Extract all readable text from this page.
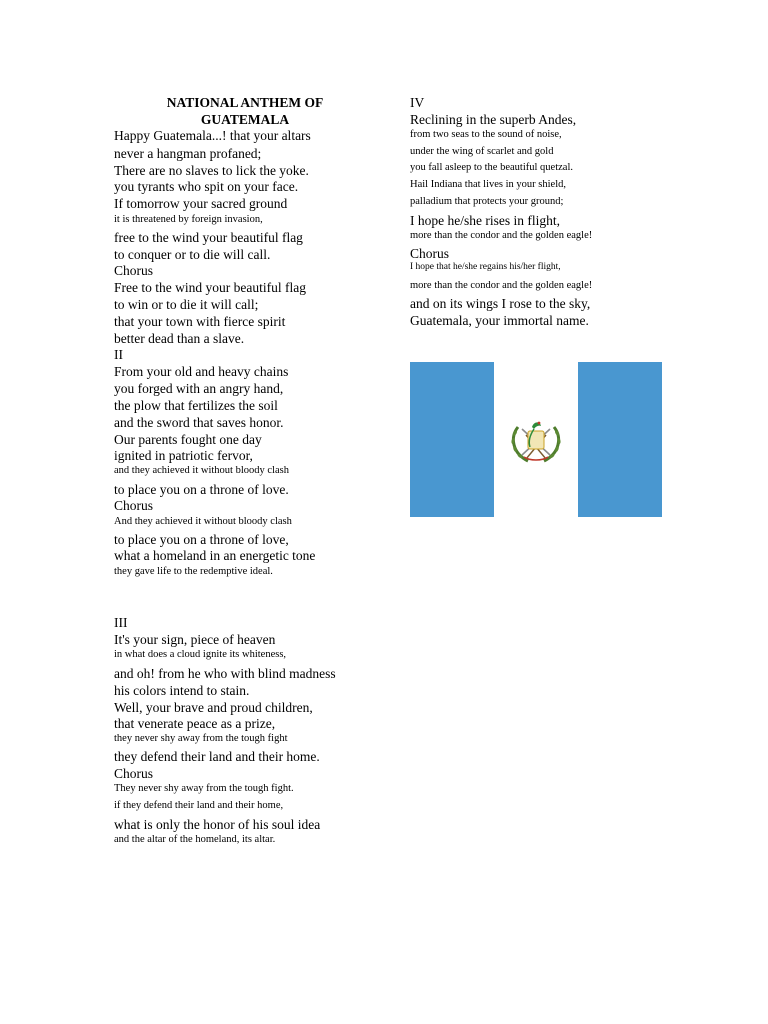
NATIONAL ANTHEM OF
GUATEMALA
Happy Guatemala...! that your altars
never a hangman profaned;
There are no slaves to lick the yoke.
you tyrants who spit on your face.
If tomorrow your sacred ground
it is threatened by foreign invasion,
free to the wind your beautiful flag
to conquer or to die will call.
Chorus
Free to the wind your beautiful flag
to win or to die it will call;
that your town with fierce spirit
better dead than a slave.
II
From your old and heavy chains
you forged with an angry hand,
the plow that fertilizes the soil
and the sword that saves honor.
Our parents fought one day
ignited in patriotic fervor,
and they achieved it without bloody clash
to place you on a throne of love.
Chorus
And they achieved it without bloody clash
to place you on a throne of love,
what a homeland in an energetic tone
they gave life to the redemptive ideal.
III
It's your sign, piece of heaven
in what does a cloud ignite its whiteness,
and oh! from he who with blind madness
his colors intend to stain.
Well, your brave and proud children,
that venerate peace as a prize,
they never shy away from the tough fight
they defend their land and their home.
Chorus
They never shy away from the tough fight.
if they defend their land and their home,
what is only the honor of his soul idea
and the altar of the homeland, its altar.
IV
Reclining in the superb Andes,
from two seas to the sound of noise,
under the wing of scarlet and gold
you fall asleep to the beautiful quetzal.
Hail Indiana that lives in your shield,
palladium that protects your ground;
I hope he/she rises in flight,
more than the condor and the golden eagle!
Chorus
I hope that he/she regains his/her flight,
more than the condor and the golden eagle!
and on its wings I rose to the sky,
Guatemala, your immortal name.
